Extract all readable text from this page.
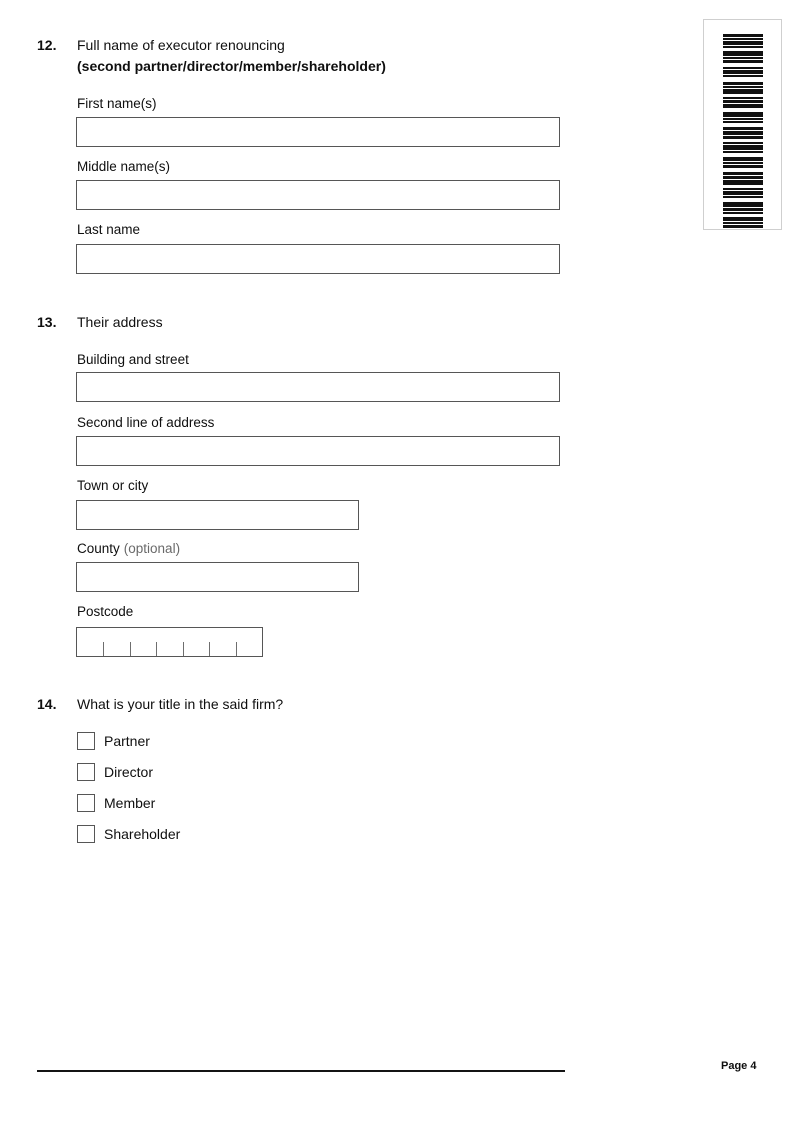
12. Full name of executor renouncing
(second partner/director/member/shareholder)
First name(s)
Middle name(s)
Last name
13. Their address
Building and street
Second line of address
Town or city
County (optional)
Postcode
14. What is your title in the said firm?
Partner
Director
Member
Shareholder
Page 4
